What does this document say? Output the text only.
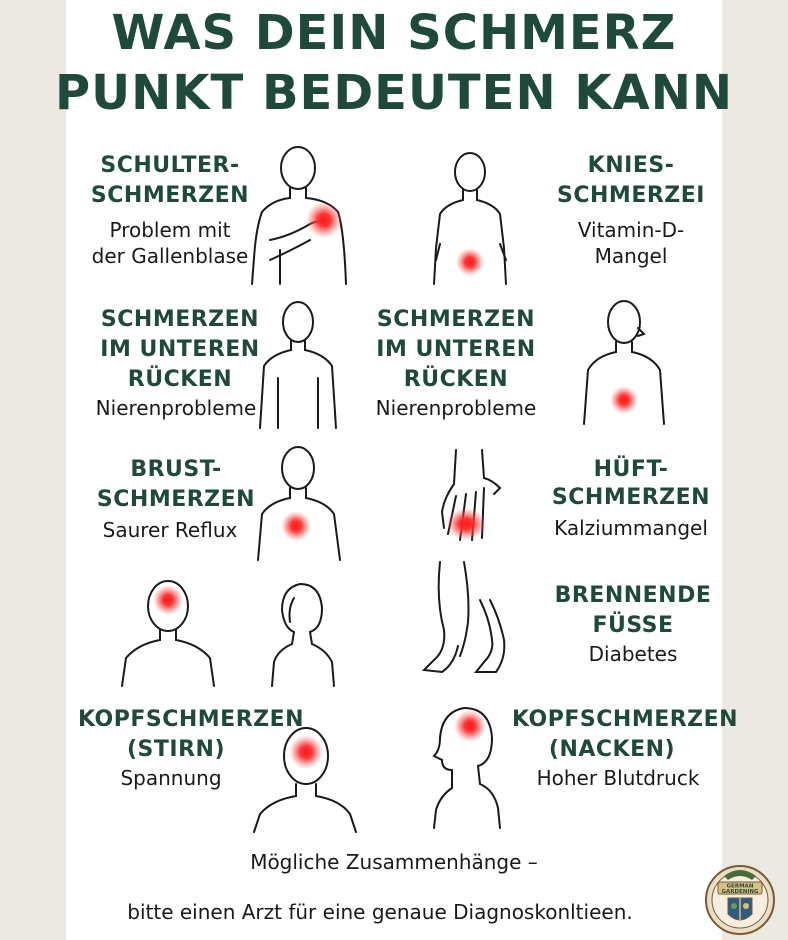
WAS DEIN SCHMERZ
PUNKT BEDEUTEN KANN
SCHULTER-
SCHMERZEN
Problem mit
der Gallenblase
KNIES-
SCHMERZEI
Vitamin-D-
Mangel
SCHMERZEN
IM UNTEREN
RÜCKEN
Nierenprobleme
SCHMERZEN
IM UNTEREN
RÜCKEN
Nierenprobleme
BRUST-
SCHMERZEN
Saurer Reflux
HÜFT-
SCHMERZEN
Kalziummangel
BRENNENDE
FÜSSE
Diabetes
KOPFSCHMERZEN
(STIRN)
Spannung
KOPFSCHMERZEN
(NACKEN)
Hoher Blutdruck
Mögliche Zusammenhänge –
bitte einen Arzt für eine genaue Diagnoskonltieen.
GERMAN
GARDENING
